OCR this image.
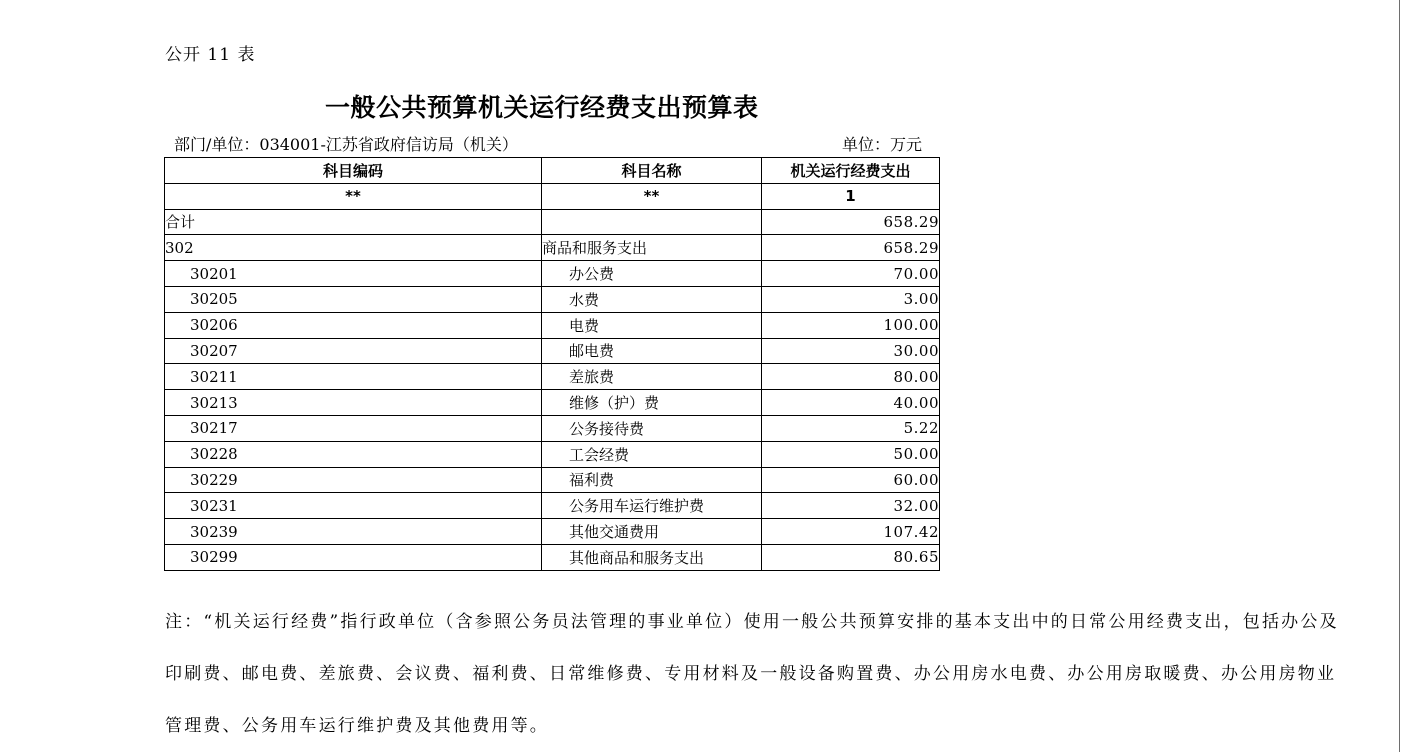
公开 11 表
一般公共预算机关运行经费支出预算表
部门/单位：034001-江苏省政府信访局（机关）	单位：万元
科目编码	科目名称	机关运行经费支出
**	**	1
合计		658.29
302	商品和服务支出	658.29
30201	办公费	70.00
30205	水费	3.00
30206	电费	100.00
30207	邮电费	30.00
30211	差旅费	80.00
30213	维修（护）费	40.00
30217	公务接待费	5.22
30228	工会经费	50.00
30229	福利费	60.00
30231	公务用车运行维护费	32.00
30239	其他交通费用	107.42
30299	其他商品和服务支出	80.65
注：“机关运行经费”指行政单位（含参照公务员法管理的事业单位）使用一般公共预算安排的基本支出中的日常公用经费支出，包括办公及印刷费、邮电费、差旅费、会议费、福利费、日常维修费、专用材料及一般设备购置费、办公用房水电费、办公用房取暖费、办公用房物业管理费、公务用车运行维护费及其他费用等。
